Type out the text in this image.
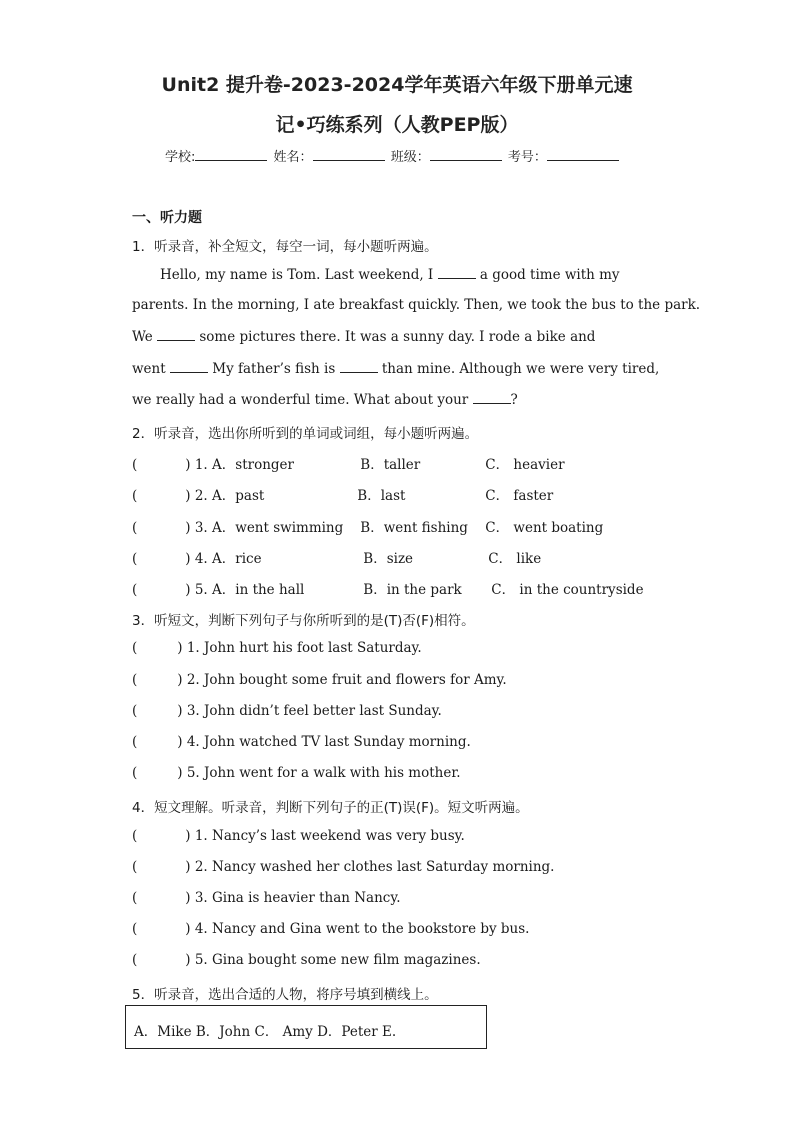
Unit2 提升卷-2023-2024学年英语六年级下册单元速
记•巧练系列（人教PEP版）
学校:	姓名：	班级：	考号：
一、听力题
1．听录音，补全短文，每空一词，每小题听两遍。
Hello, my name is Tom. Last weekend, I	a good time with my
parents. In the morning, I ate breakfast quickly. Then, we took the bus to the park.
We	some pictures there. It was a sunny day. I rode a bike and
went	My father’s fish is	than mine. Although we were very tired,
we really had a wonderful time. What about your	?
2．听录音，选出你所听到的单词或词组，每小题听两遍。
(	) 1. A．stronger	B．taller	C． heavier
(	) 2. A．past	B．last	C． faster
(	) 3. A．went swimming B．went fishing C． went boating
(	) 4. A．rice	B．size	C． like
(	) 5. A．in the hall	B．in the park C． in the countryside
3．听短文，判断下列句子与你所听到的是(T)否(F)相符。
(	) 1. John hurt his foot last Saturday.
(	) 2. John bought some fruit and flowers for Amy.
(	) 3. John didn’t feel better last Sunday.
(	) 4. John watched TV last Sunday morning.
(	) 5. John went for a walk with his mother.
4．短文理解。听录音，判断下列句子的正(T)误(F)。短文听两遍。
(	) 1. Nancy’s last weekend was very busy.
(	) 2. Nancy washed her clothes last Saturday morning.
(	) 3. Gina is heavier than Nancy.
(	) 4. Nancy and Gina went to the bookstore by bus.
(	) 5. Gina bought some new film magazines.
5．听录音，选出合适的人物，将序号填到横线上。
A．Mike B．John C． Amy D．Peter E.
